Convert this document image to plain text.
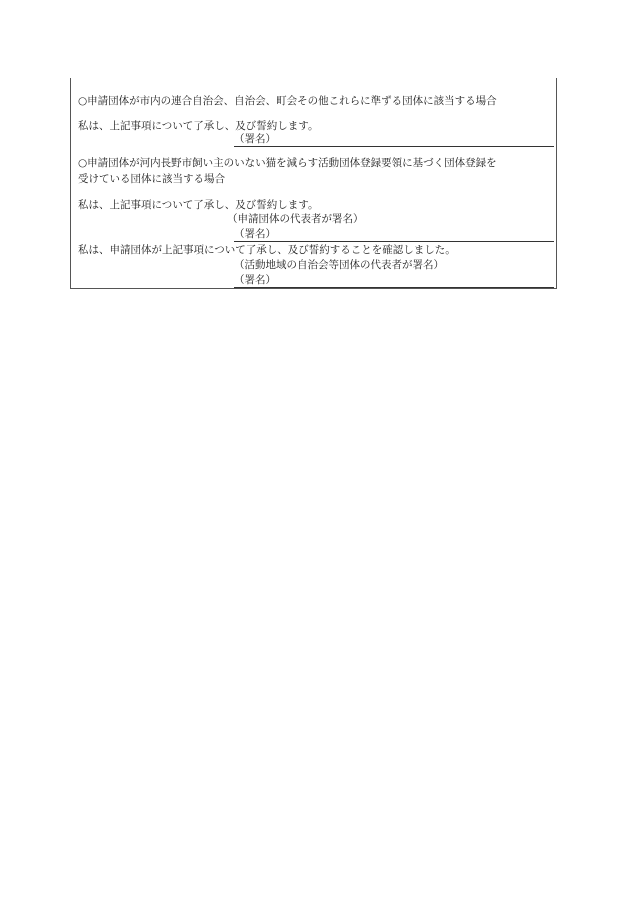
○申請団体が市内の連合自治会、自治会、町会その他これらに準ずる団体に該当する場合
私は、上記事項について了承し、及び誓約します。
（署名）
○申請団体が河内長野市飼い主のいない猫を減らす活動団体登録要領に基づく団体登録を
受けている団体に該当する場合
私は、上記事項について了承し、及び誓約します。
（申請団体の代表者が署名）
（署名）
私は、申請団体が上記事項について了承し、及び誓約することを確認しました。
（活動地域の自治会等団体の代表者が署名）
（署名）
